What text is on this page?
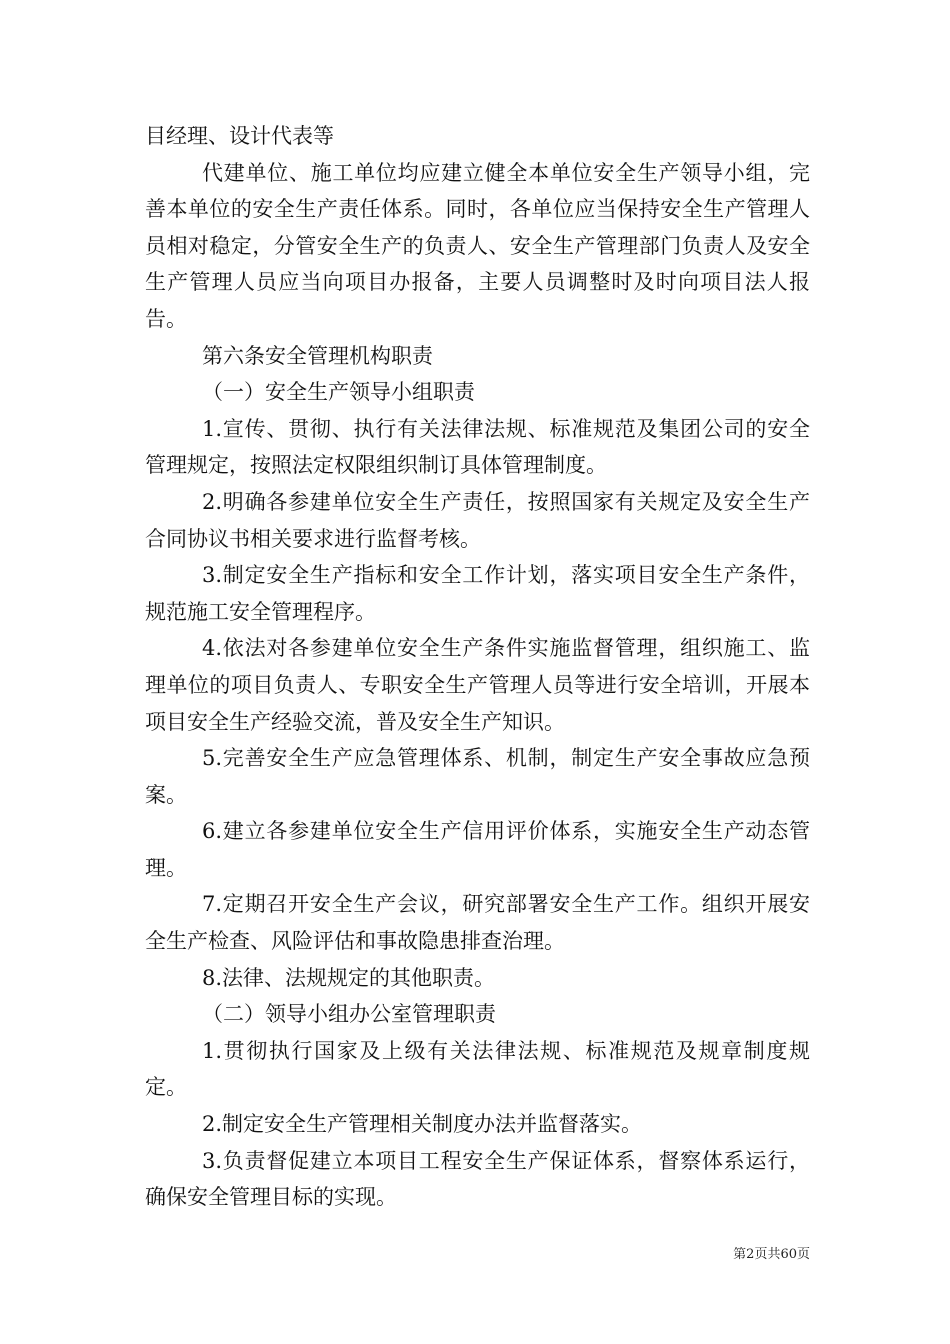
目经理、设计代表等

代建单位、施工单位均应建立健全本单位安全生产领导小组，完善本单位的安全生产责任体系。同时，各单位应当保持安全生产管理人员相对稳定，分管安全生产的负责人、安全生产管理部门负责人及安全生产管理人员应当向项目办报备，主要人员调整时及时向项目法人报告。

第六条安全管理机构职责

（一）安全生产领导小组职责

1.宣传、贯彻、执行有关法律法规、标准规范及集团公司的安全管理规定，按照法定权限组织制订具体管理制度。

2.明确各参建单位安全生产责任，按照国家有关规定及安全生产合同协议书相关要求进行监督考核。

3.制定安全生产指标和安全工作计划，落实项目安全生产条件，规范施工安全管理程序。

4.依法对各参建单位安全生产条件实施监督管理，组织施工、监理单位的项目负责人、专职安全生产管理人员等进行安全培训，开展本项目安全生产经验交流，普及安全生产知识。

5.完善安全生产应急管理体系、机制，制定生产安全事故应急预案。

6.建立各参建单位安全生产信用评价体系，实施安全生产动态管理。

7.定期召开安全生产会议，研究部署安全生产工作。组织开展安全生产检查、风险评估和事故隐患排查治理。

8.法律、法规规定的其他职责。

（二）领导小组办公室管理职责

1.贯彻执行国家及上级有关法律法规、标准规范及规章制度规定。

2.制定安全生产管理相关制度办法并监督落实。

3.负责督促建立本项目工程安全生产保证体系，督察体系运行，确保安全管理目标的实现。

第2页共60页
